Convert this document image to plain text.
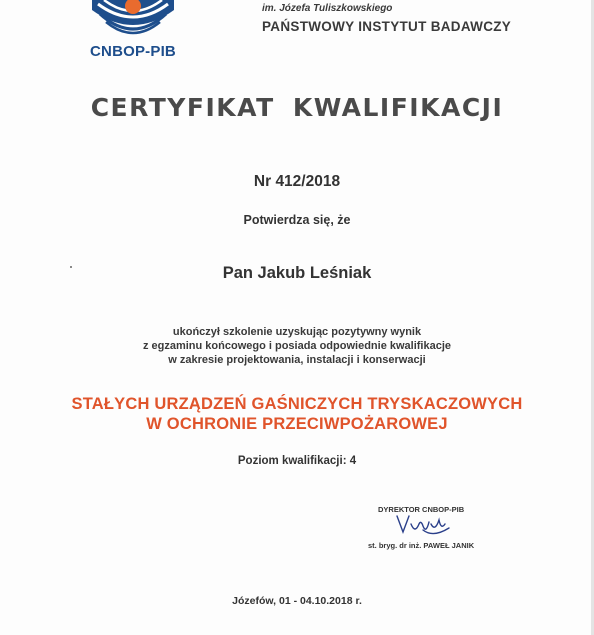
CNBOP-PIB
im. Józefa Tuliszkowskiego
PAŃSTWOWY INSTYTUT BADAWCZY
CERTYFIKAT KWALIFIKACJI
Nr 412/2018
Potwierdza się, że
Pan Jakub Leśniak
ukończył szkolenie uzyskując pozytywny wynik
z egzaminu końcowego i posiada odpowiednie kwalifikacje
w zakresie projektowania, instalacji i konserwacji
STAŁYCH URZĄDZEŃ GAŚNICZYCH TRYSKACZOWYCH
W OCHRONIE PRZECIWPOŻAROWEJ
Poziom kwalifikacji: 4
DYREKTOR CNBOP-PIB
st. bryg. dr inż. PAWEŁ JANIK
Józefów, 01 - 04.10.2018 r.
